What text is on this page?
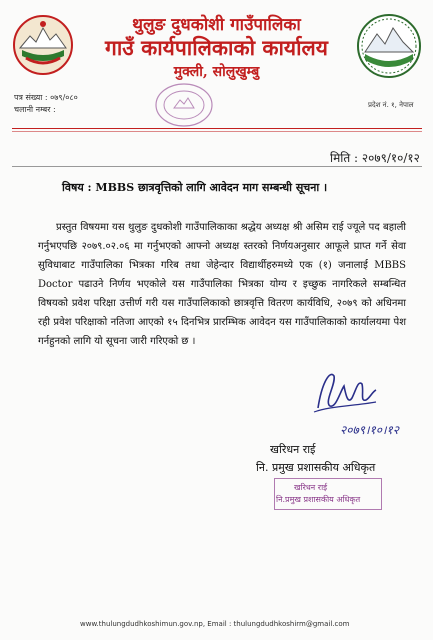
थुलुङ दुधकोशी गाउँपालिका
गाउँ कार्यपालिकाको कार्यालय
मुक्ली, सोलुखुम्बु
पत्र संख्या : ०७९/०८०
चलानी नम्बर :	प्रदेश नं. १, नेपाल
मिति : २०७९/१०/१२
विषय : MBBS छात्रवृत्तिको लागि आवेदन माग सम्बन्धी सूचना ।
प्रस्तुत विषयमा यस थुलुङ दुधकोशी गाउँपालिकाका श्रद्धेय अध्यक्ष श्री असिम राई ज्यूले पद बहाली गर्नुभएपछि २०७९.०२.०६ मा गर्नुभएको आफ्नो अध्यक्ष स्तरको निर्णयअनुसार आफूले प्राप्त गर्ने सेवा सुविधाबाट गाउँपालिका भित्रका गरिब तथा जेहेन्दार विद्यार्थीहरुमध्ये एक (१) जनालाई MBBS Doctor पढाउने निर्णय भएकोले यस गाउँपालिका भित्रका योग्य र इच्छुक नागरिकले सम्बन्धित विषयको प्रवेश परिक्षा उत्तीर्ण गरी यस गाउँपालिकाको छात्रवृत्ति वितरण कार्यविधि, २०७९ को अधिनमा रही प्रवेश परिक्षाको नतिजा आएको १५ दिनभित्र प्रारम्भिक आवेदन यस गाउँपालिकाको कार्यालयमा पेश गर्नहुनको लागि यो सूचना जारी गरिएको छ ।
२०७९।१०।१२
खरिधन राई
नि. प्रमुख प्रशासकीय अधिकृत
खरिधन राई
नि.प्रमुख प्रशासकीय अधिकृत
www.thulungdudhkoshimun.gov.np, Email : thulungdudhkoshirm@gmail.com
